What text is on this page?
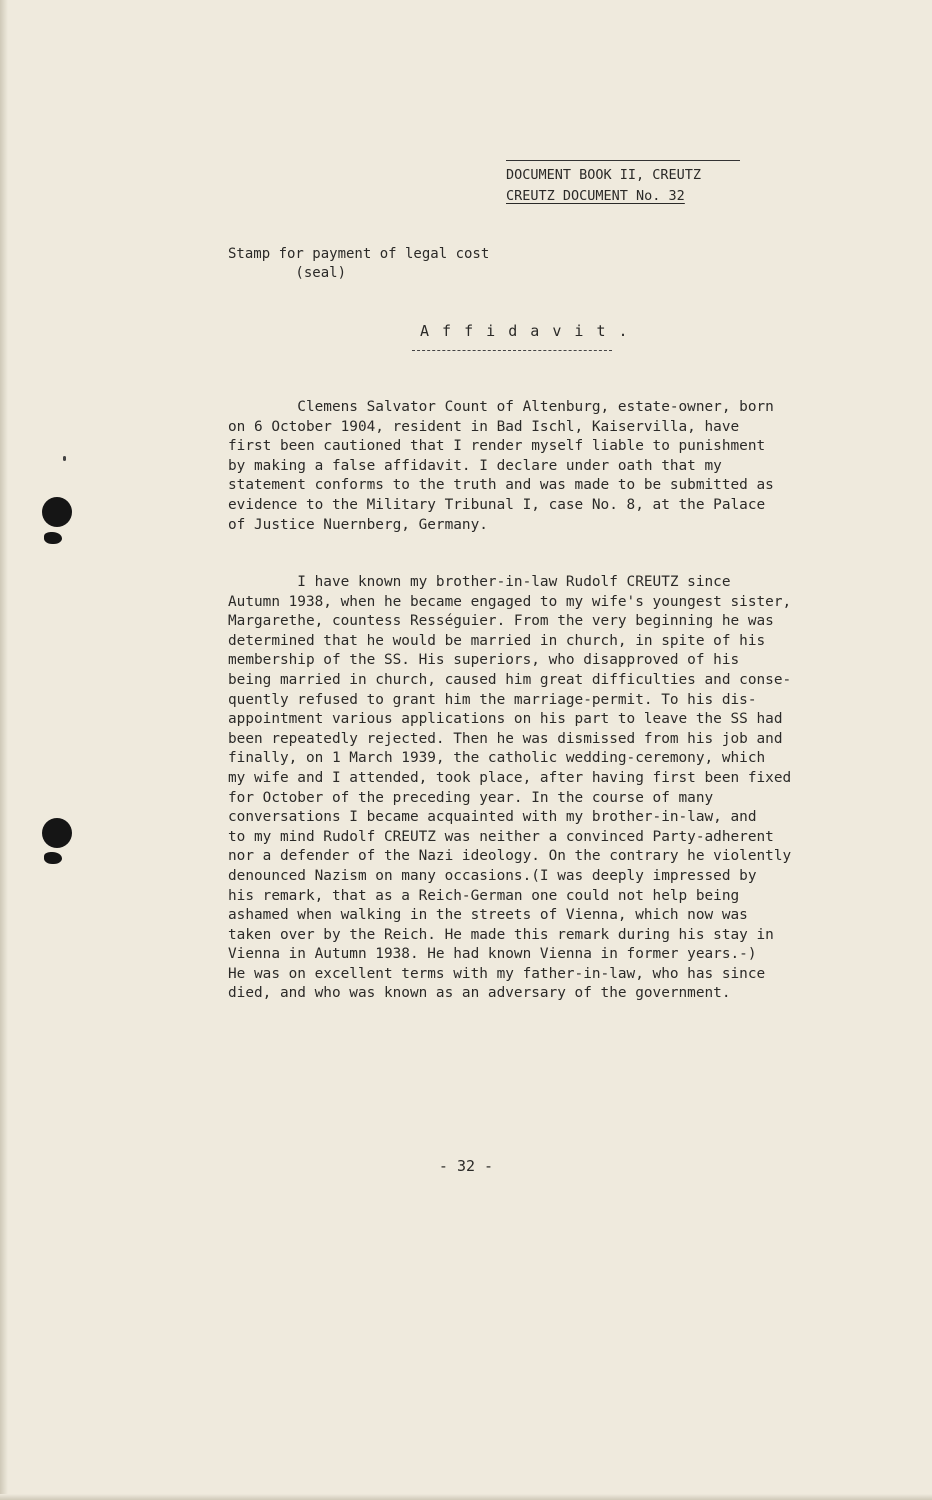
DOCUMENT BOOK II, CREUTZ
CREUTZ DOCUMENT No. 32
Stamp for payment of legal cost
(seal)
A f f i d a v i t .
Clemens Salvator Count of Altenburg, estate-owner, born
on 6 October 1904, resident in Bad Ischl, Kaiservilla, have
first been cautioned that I render myself liable to punishment
by making a false affidavit. I declare under oath that my
statement conforms to the truth and was made to be submitted as
evidence to the Military Tribunal I, case No. 8, at the Palace
of Justice Nuernberg, Germany.
I have known my brother-in-law Rudolf CREUTZ since
Autumn 1938, when he became engaged to my wife's youngest sister,
Margarethe, countess Rességuier. From the very beginning he was
determined that he would be married in church, in spite of his
membership of the SS. His superiors, who disapproved of his
being married in church, caused him great difficulties and conse-
quently refused to grant him the marriage-permit. To his dis-
appointment various applications on his part to leave the SS had
been repeatedly rejected. Then he was dismissed from his job and
finally, on 1 March 1939, the catholic wedding-ceremony, which
my wife and I attended, took place, after having first been fixed
for October of the preceding year. In the course of many
conversations I became acquainted with my brother-in-law, and
to my mind Rudolf CREUTZ was neither a convinced Party-adherent
nor a defender of the Nazi ideology. On the contrary he violently
denounced Nazism on many occasions.(I was deeply impressed by
his remark, that as a Reich-German one could not help being
ashamed when walking in the streets of Vienna, which now was
taken over by the Reich. He made this remark during his stay in
Vienna in Autumn 1938. He had known Vienna in former years.-)
He was on excellent terms with my father-in-law, who has since
died, and who was known as an adversary of the government.
- 32 -
